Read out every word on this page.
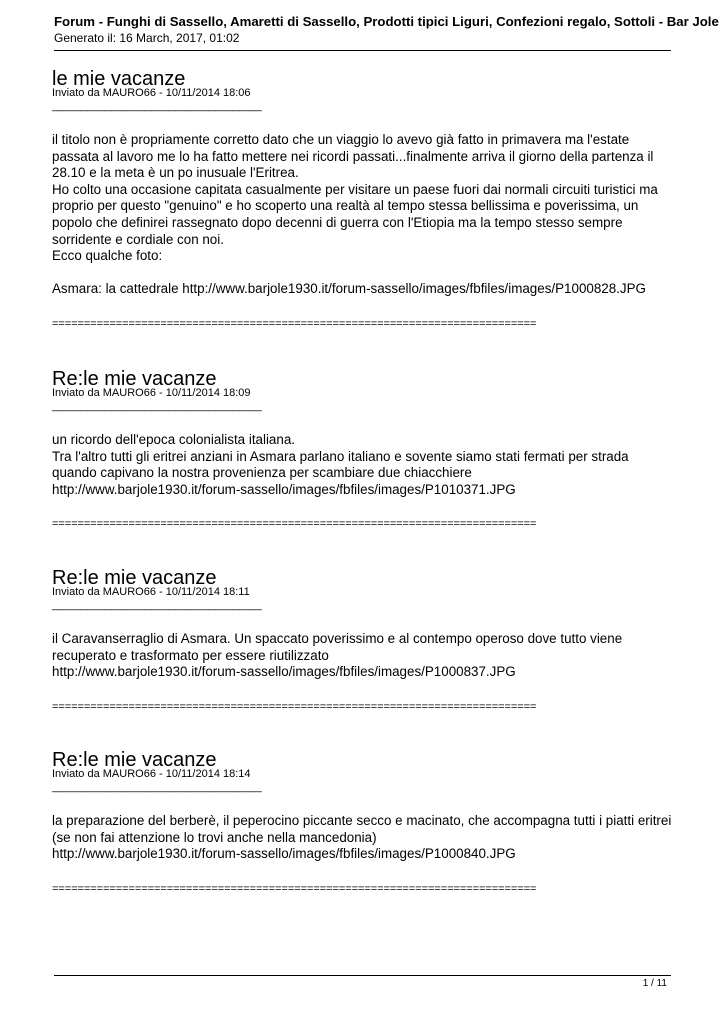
Forum - Funghi di Sassello, Amaretti di Sassello, Prodotti tipici Liguri, Confezioni regalo, Sottoli - Bar Jole
Generato il: 16 March, 2017, 01:02
le mie vacanze
Inviato da MAURO66 - 10/11/2014 18:06
____________________________________

il titolo non è propriamente corretto dato che un viaggio lo avevo già fatto in primavera ma l'estate

passata al lavoro me lo ha fatto mettere nei ricordi passati...finalmente arriva il giorno della partenza il

28.10 e la meta è un po inusuale l'Eritrea.

Ho colto una occasione capitata casualmente per visitare un paese fuori dai normali circuiti turistici ma

proprio per questo "genuino" e ho scoperto una realtà al tempo stessa bellissima e poverissima, un

popolo che definirei rassegnato dopo decenni di guerra con l'Etiopia ma la tempo stesso sempre

sorridente e cordiale con noi.

Ecco qualche foto:

Asmara: la cattedrale http://www.barjole1930.it/forum-sassello/images/fbfiles/images/P1000828.JPG

============================================================================
Re:le mie vacanze
Inviato da MAURO66 - 10/11/2014 18:09
____________________________________

un ricordo dell'epoca colonialista italiana.

Tra l'altro tutti gli eritrei anziani in Asmara parlano italiano e sovente siamo stati fermati per strada

quando capivano la nostra provenienza per scambiare due chiacchiere

http://www.barjole1930.it/forum-sassello/images/fbfiles/images/P1010371.JPG

============================================================================
Re:le mie vacanze
Inviato da MAURO66 - 10/11/2014 18:11
____________________________________

il Caravanserraglio di Asmara. Un spaccato poverissimo e al contempo operoso dove tutto viene

recuperato e trasformato per essere riutilizzato

http://www.barjole1930.it/forum-sassello/images/fbfiles/images/P1000837.JPG

============================================================================
Re:le mie vacanze
Inviato da MAURO66 - 10/11/2014 18:14
____________________________________

la preparazione del berberè, il peperocino piccante secco e macinato, che accompagna tutti i piatti eritrei

(se non fai attenzione lo trovi anche nella mancedonia)

http://www.barjole1930.it/forum-sassello/images/fbfiles/images/P1000840.JPG

============================================================================
1 / 11
